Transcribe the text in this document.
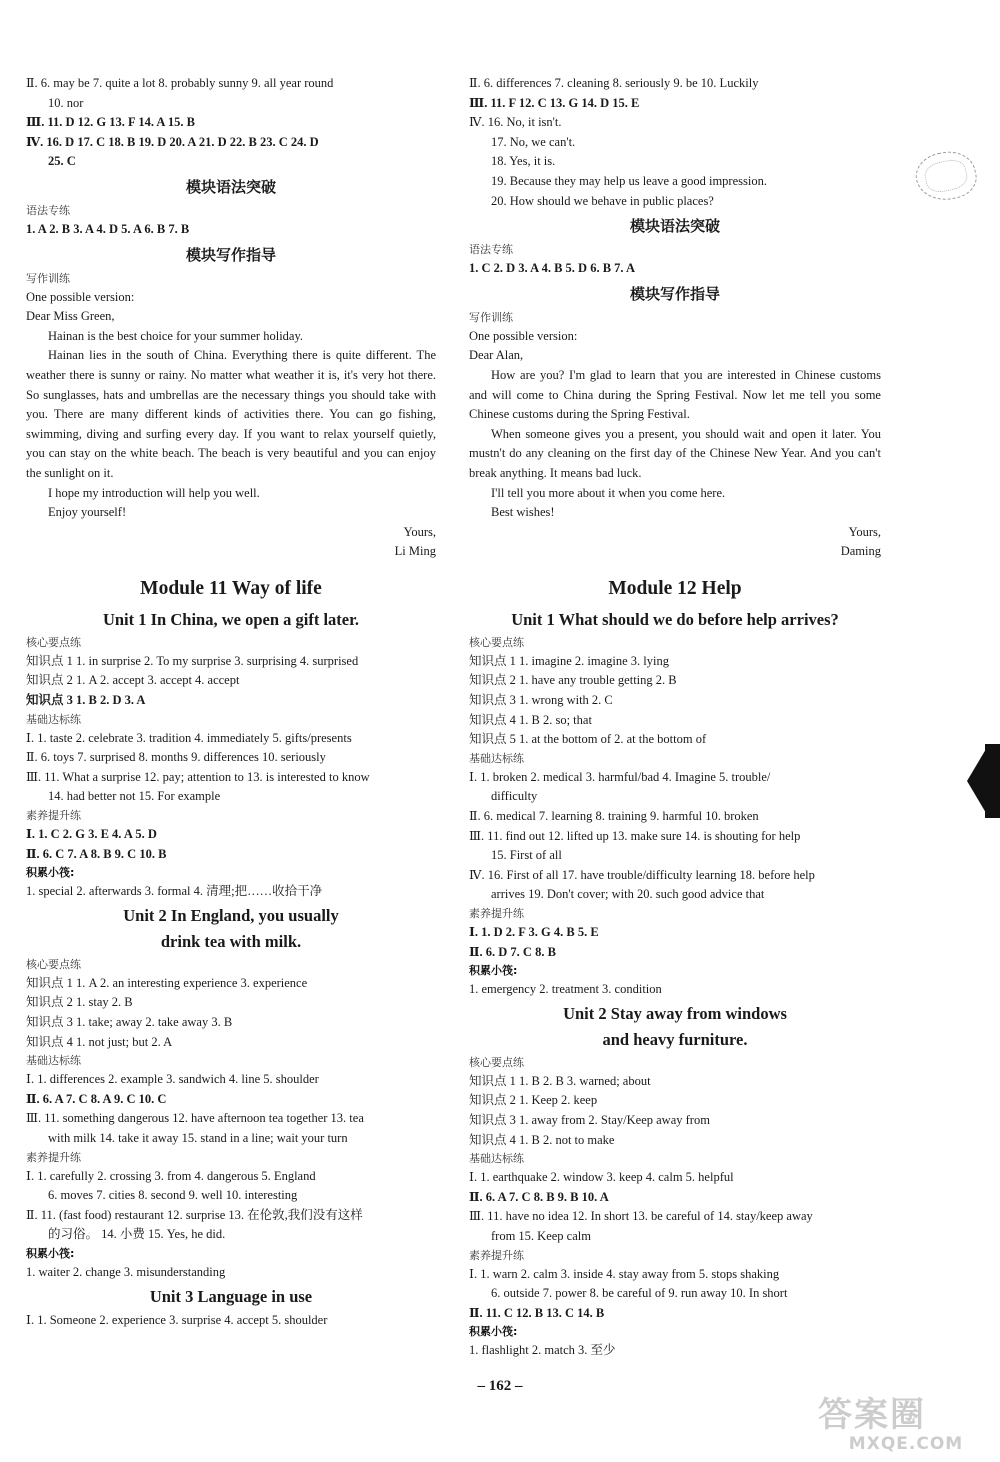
Ⅱ. 6. may be 7. quite a lot 8. probably sunny 9. all year round
10. nor
Ⅲ. 11. D 12. G 13. F 14. A 15. B
Ⅳ. 16. D 17. C 18. B 19. D 20. A 21. D 22. B 23. C 24. D
25. C
模块语法突破
语法专练
1. A 2. B 3. A 4. D 5. A 6. B 7. B
模块写作指导
写作训练
One possible version:
Dear Miss Green,
Hainan is the best choice for your summer holiday.
Hainan lies in the south of China. Everything there is quite different. The weather there is sunny or rainy. No matter what weather it is, it's very hot there. So sunglasses, hats and umbrellas are the necessary things you should take with you. There are many different kinds of activities there. You can go fishing, swimming, diving and surfing every day. If you want to relax yourself quietly, you can stay on the white beach. The beach is very beautiful and you can enjoy the sunlight on it.
I hope my introduction will help you well.
Enjoy yourself!
Yours,
Li Ming
Module 11 Way of life
Unit 1 In China, we open a gift later.
核心要点练
知识点 1 1. in surprise 2. To my surprise 3. surprising 4. surprised
知识点 2 1. A 2. accept 3. accept 4. accept
知识点 3 1. B 2. D 3. A
基础达标练
Ⅰ. 1. taste 2. celebrate 3. tradition 4. immediately 5. gifts/presents
Ⅱ. 6. toys 7. surprised 8. months 9. differences 10. seriously
Ⅲ. 11. What a surprise 12. pay; attention to 13. is interested to know
14. had better not 15. For example
素养提升练
Ⅰ. 1. C 2. G 3. E 4. A 5. D
Ⅱ. 6. C 7. A 8. B 9. C 10. B
积累小筏:
1. special 2. afterwards 3. formal 4. 清理;把……收拾干净
Unit 2 In England, you usually
drink tea with milk.
核心要点练
知识点 1 1. A 2. an interesting experience 3. experience
知识点 2 1. stay 2. B
知识点 3 1. take; away 2. take away 3. B
知识点 4 1. not just; but 2. A
基础达标练
Ⅰ. 1. differences 2. example 3. sandwich 4. line 5. shoulder
Ⅱ. 6. A 7. C 8. A 9. C 10. C
Ⅲ. 11. something dangerous 12. have afternoon tea together 13. tea
with milk 14. take it away 15. stand in a line; wait your turn
素养提升练
Ⅰ. 1. carefully 2. crossing 3. from 4. dangerous 5. England
6. moves 7. cities 8. second 9. well 10. interesting
Ⅱ. 11. (fast food) restaurant 12. surprise 13. 在伦敦,我们没有这样
的习俗。 14. 小费 15. Yes, he did.
积累小筏:
1. waiter 2. change 3. misunderstanding
Unit 3 Language in use
Ⅰ. 1. Someone 2. experience 3. surprise 4. accept 5. shoulder
Ⅱ. 6. differences 7. cleaning 8. seriously 9. be 10. Luckily
Ⅲ. 11. F 12. C 13. G 14. D 15. E
Ⅳ. 16. No, it isn't.
17. No, we can't.
18. Yes, it is.
19. Because they may help us leave a good impression.
20. How should we behave in public places?
模块语法突破
语法专练
1. C 2. D 3. A 4. B 5. D 6. B 7. A
模块写作指导
写作训练
One possible version:
Dear Alan,
How are you? I'm glad to learn that you are interested in Chinese customs and will come to China during the Spring Festival. Now let me tell you some Chinese customs during the Spring Festival.
When someone gives you a present, you should wait and open it later. You mustn't do any cleaning on the first day of the Chinese New Year. And you can't break anything. It means bad luck.
I'll tell you more about it when you come here.
Best wishes!
Yours,
Daming
Module 12 Help
Unit 1 What should we do before help arrives?
核心要点练
知识点 1 1. imagine 2. imagine 3. lying
知识点 2 1. have any trouble getting 2. B
知识点 3 1. wrong with 2. C
知识点 4 1. B 2. so; that
知识点 5 1. at the bottom of 2. at the bottom of
基础达标练
Ⅰ. 1. broken 2. medical 3. harmful/bad 4. Imagine 5. trouble/
difficulty
Ⅱ. 6. medical 7. learning 8. training 9. harmful 10. broken
Ⅲ. 11. find out 12. lifted up 13. make sure 14. is shouting for help
15. First of all
Ⅳ. 16. First of all 17. have trouble/difficulty learning 18. before help
arrives 19. Don't cover; with 20. such good advice that
素养提升练
Ⅰ. 1. D 2. F 3. G 4. B 5. E
Ⅱ. 6. D 7. C 8. B
积累小筏:
1. emergency 2. treatment 3. condition
Unit 2 Stay away from windows
and heavy furniture.
核心要点练
知识点 1 1. B 2. B 3. warned; about
知识点 2 1. Keep 2. keep
知识点 3 1. away from 2. Stay/Keep away from
知识点 4 1. B 2. not to make
基础达标练
Ⅰ. 1. earthquake 2. window 3. keep 4. calm 5. helpful
Ⅱ. 6. A 7. C 8. B 9. B 10. A
Ⅲ. 11. have no idea 12. In short 13. be careful of 14. stay/keep away
from 15. Keep calm
素养提升练
Ⅰ. 1. warn 2. calm 3. inside 4. stay away from 5. stops shaking
6. outside 7. power 8. be careful of 9. run away 10. In short
Ⅱ. 11. C 12. B 13. C 14. B
积累小筏:
1. flashlight 2. match 3. 至少
– 162 –
答案圈
MXQE.COM
